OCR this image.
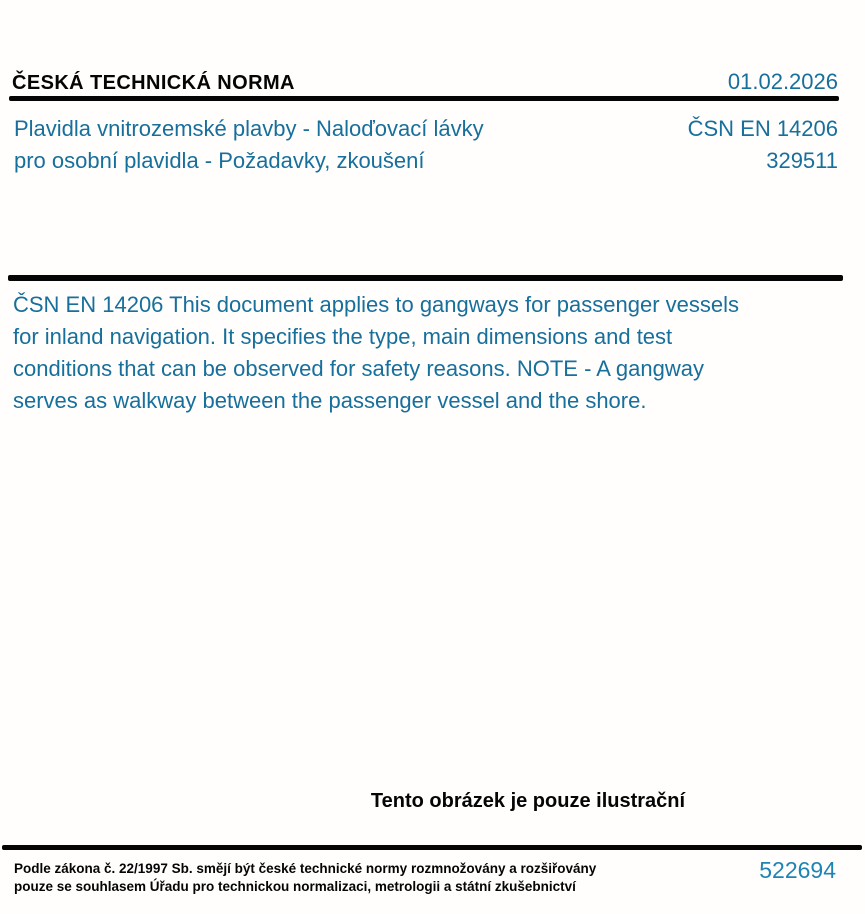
ČESKÁ TECHNICKÁ NORMA	01.02.2026
Plavidla vnitrozemské plavby - Naloďovací lávky
pro osobní plavidla - Požadavky, zkoušení
ČSN EN 14206
329511
ČSN EN 14206 This document applies to gangways for passenger vessels
for inland navigation. It specifies the type, main dimensions and test
conditions that can be observed for safety reasons. NOTE - A gangway
serves as walkway between the passenger vessel and the shore.
Tento obrázek je pouze ilustrační
Podle zákona č. 22/1997 Sb. smějí být české technické normy rozmnožovány a rozšiřovány
pouze se souhlasem Úřadu pro technickou normalizaci, metrologii a státní zkušebnictví
522694
